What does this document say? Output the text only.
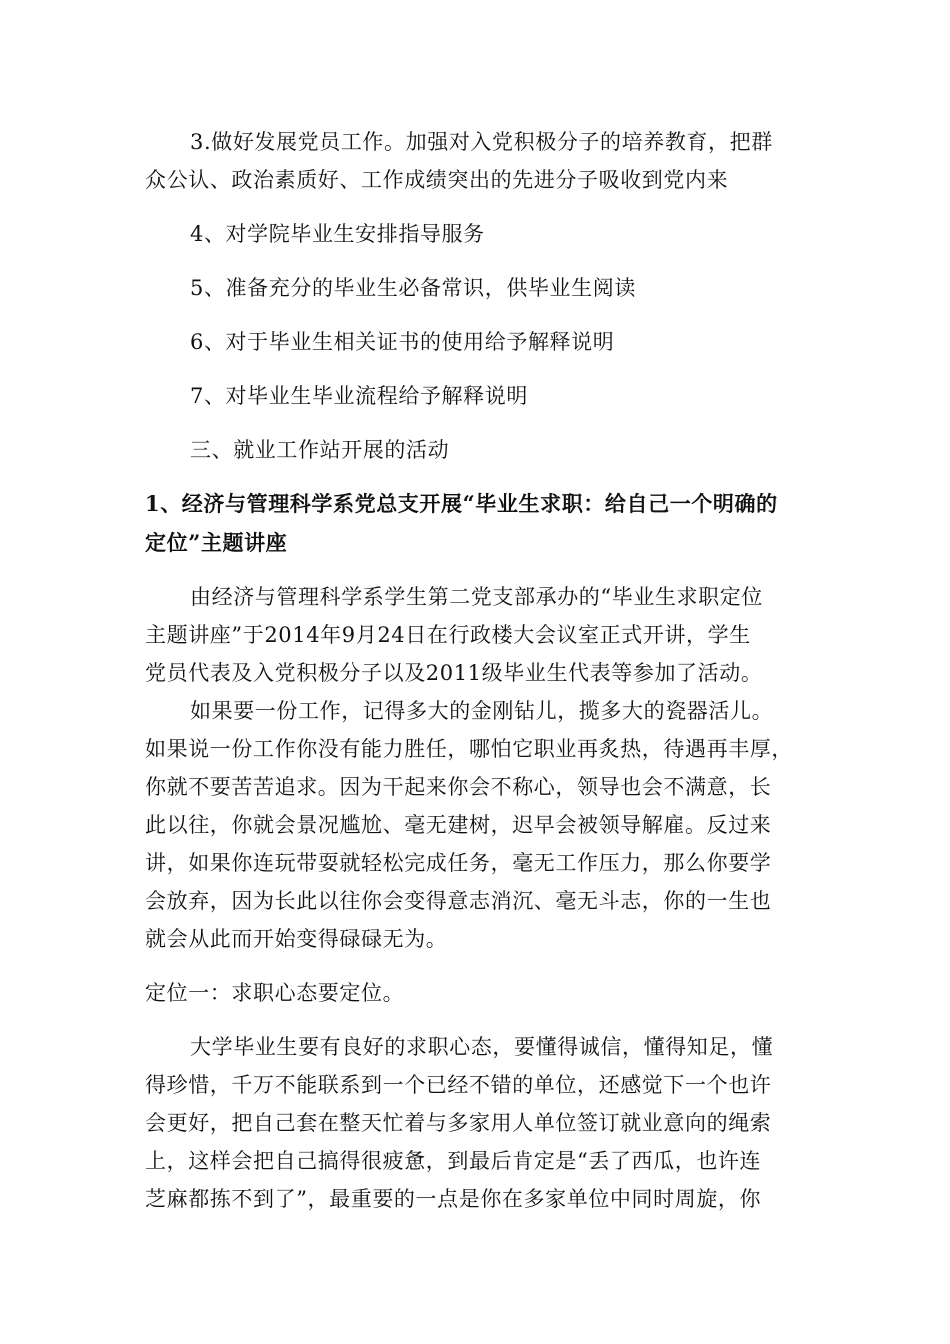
3.做好发展党员工作。加强对入党积极分子的培养教育，把群
众公认、政治素质好、工作成绩突出的先进分子吸收到党内来
4、对学院毕业生安排指导服务
5、准备充分的毕业生必备常识，供毕业生阅读
6、对于毕业生相关证书的使用给予解释说明
7、对毕业生毕业流程给予解释说明
三、就业工作站开展的活动
1、经济与管理科学系党总支开展“毕业生求职：给自己一个明确的
定位”主题讲座
由经济与管理科学系学生第二党支部承办的“毕业生求职定位
主题讲座”于2014年9月24日在行政楼大会议室正式开讲，学生
党员代表及入党积极分子以及2011级毕业生代表等参加了活动。
如果要一份工作，记得多大的金刚钻儿，揽多大的瓷器活儿。
如果说一份工作你没有能力胜任，哪怕它职业再炙热，待遇再丰厚，
你就不要苦苦追求。因为干起来你会不称心，领导也会不满意，长
此以往，你就会景况尴尬、毫无建树，迟早会被领导解雇。反过来
讲，如果你连玩带耍就轻松完成任务，毫无工作压力，那么你要学
会放弃，因为长此以往你会变得意志消沉、毫无斗志，你的一生也
就会从此而开始变得碌碌无为。
定位一：求职心态要定位。
大学毕业生要有良好的求职心态，要懂得诚信，懂得知足，懂
得珍惜，千万不能联系到一个已经不错的单位，还感觉下一个也许
会更好，把自己套在整天忙着与多家用人单位签订就业意向的绳索
上，这样会把自己搞得很疲惫，到最后肯定是“丢了西瓜，也许连
芝麻都拣不到了”，最重要的一点是你在多家单位中同时周旋，你
